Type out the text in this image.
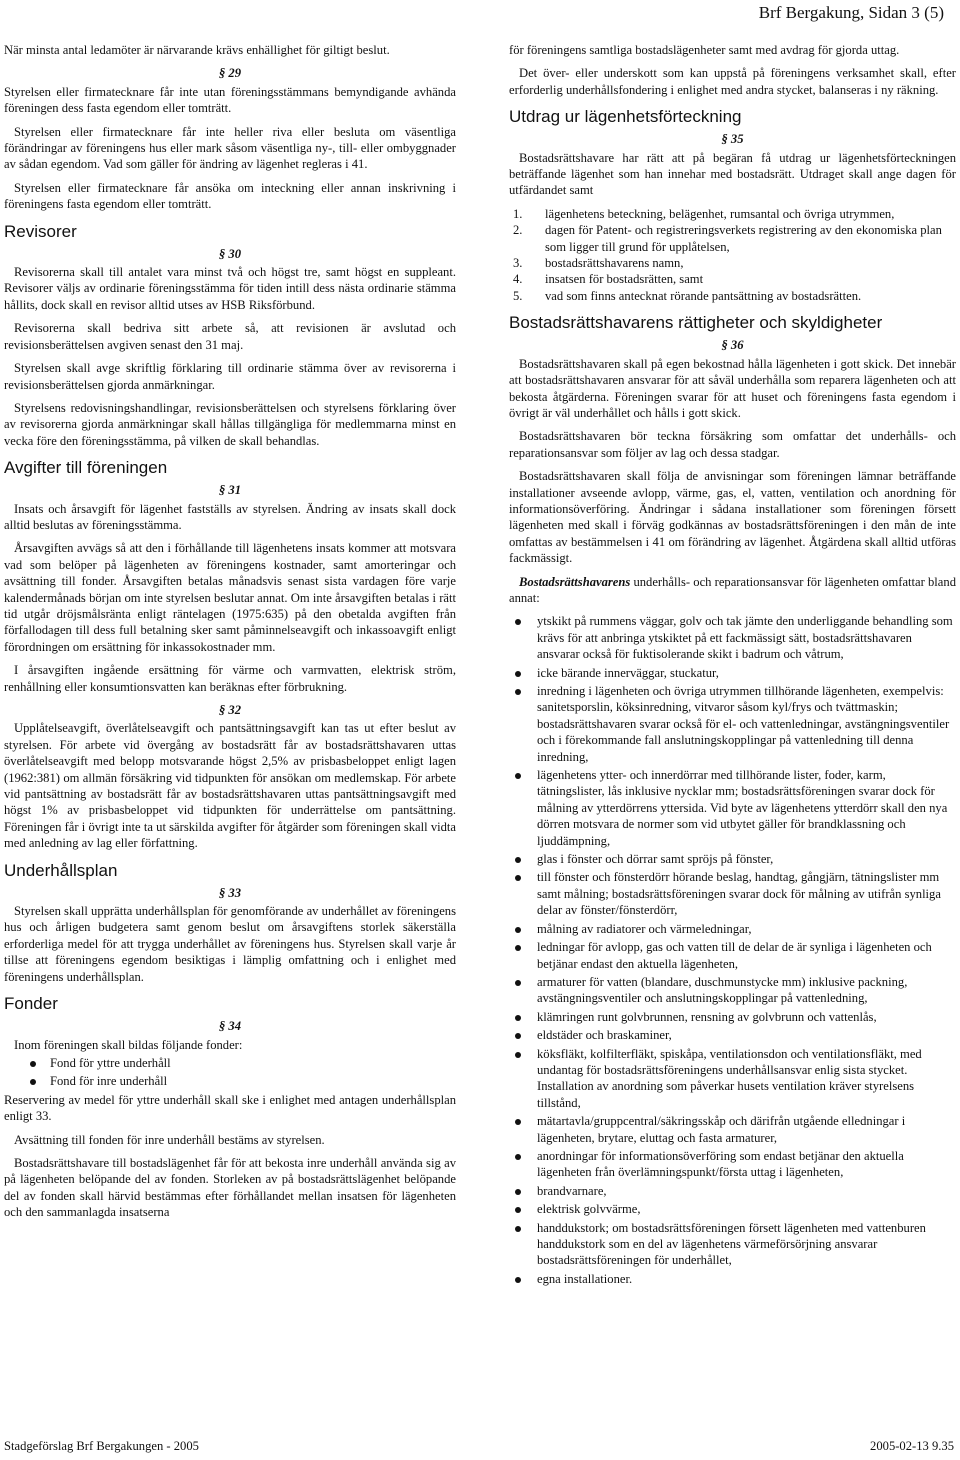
Brf Bergakung, Sidan 3 (5)

När minsta antal ledamöter är närvarande krävs enhällighet för giltigt beslut.

§ 29

Styrelsen eller firmatecknare får inte utan föreningsstämmans bemyndigande avhända föreningen dess fasta egendom eller tomträtt.

Styrelsen eller firmatecknare får inte heller riva eller besluta om väsentliga förändringar av föreningens hus eller mark såsom väsentliga ny-, till- eller ombyggnader av sådan egendom. Vad som gäller för ändring av lägenhet regleras i 41.

Styrelsen eller firmatecknare får ansöka om inteckning eller annan inskrivning i föreningens fasta egendom eller tomträtt.

Revisorer

§ 30

Revisorerna skall till antalet vara minst två och högst tre, samt högst en suppleant. Revisorer väljs av ordinarie föreningsstämma för tiden intill dess nästa ordinarie stämma hållits, dock skall en revisor alltid utses av HSB Riksförbund.

Revisorerna skall bedriva sitt arbete så, att revisionen är avslutad och revisionsberättelsen avgiven senast den 31 maj.

Styrelsen skall avge skriftlig förklaring till ordinarie stämma över av revisorerna i revisionsberättelsen gjorda anmärkningar.

Styrelsens redovisningshandlingar, revisionsberättelsen och styrelsens förklaring över av revisorerna gjorda anmärkningar skall hållas tillgängliga för medlemmarna minst en vecka före den föreningsstämma, på vilken de skall behandlas.

Avgifter till föreningen

§ 31

Insats och årsavgift för lägenhet fastställs av styrelsen. Ändring av insats skall dock alltid beslutas av föreningsstämma.

Årsavgiften avvägs så att den i förhållande till lägenhetens insats kommer att motsvara vad som belöper på lägenheten av föreningens kostnader, samt amorteringar och avsättning till fonder. Årsavgiften betalas månadsvis senast sista vardagen före varje kalendermånads början om inte styrelsen beslutar annat. Om inte årsavgiften betalas i rätt tid utgår dröjsmålsränta enligt räntelagen (1975:635) på den obetalda avgiften från förfallodagen till dess full betalning sker samt påminnelseavgift och inkassoavgift enligt förordningen om ersättning för inkassokostnader mm.

I årsavgiften ingående ersättning för värme och varmvatten, elektrisk ström, renhållning eller konsumtionsvatten kan beräknas efter förbrukning.

§ 32

Upplåtelseavgift, överlåtelseavgift och pantsättningsavgift kan tas ut efter beslut av styrelsen. För arbete vid övergång av bostadsrätt får av bostadsrättshavaren uttas överlåtelseavgift med belopp motsvarande högst 2,5% av prisbasbeloppet enligt lagen (1962:381) om allmän försäkring vid tidpunkten för ansökan om medlemskap. För arbete vid pantsättning av bostadsrätt får av bostadsrättshavaren uttas pantsättningsavgift med högst 1% av prisbasbeloppet vid tidpunkten för underrättelse om pantsättning. Föreningen får i övrigt inte ta ut särskilda avgifter för åtgärder som föreningen skall vidta med anledning av lag eller författning.

Underhållsplan

§ 33

Styrelsen skall upprätta underhållsplan för genomförande av underhållet av föreningens hus och årligen budgetera samt genom beslut om årsavgiftens storlek säkerställa erforderliga medel för att trygga underhållet av föreningens hus. Styrelsen skall varje år tillse att föreningens egendom besiktigas i lämplig omfattning och i enlighet med föreningens underhållsplan.

Fonder

§ 34

Inom föreningen skall bildas följande fonder:

Fond för yttre underhåll
Fond för inre underhåll

Reservering av medel för yttre underhåll skall ske i enlighet med antagen underhållsplan enligt 33.

Avsättning till fonden för inre underhåll bestäms av styrelsen.

Bostadsrättshavare till bostadslägenhet får för att bekosta inre underhåll använda sig av på lägenheten belöpande del av fonden. Storleken av på bostadsrättslägenhet belöpande del av fonden skall härvid bestämmas efter förhållandet mellan insatsen för lägenheten och den sammanlagda insatserna

för föreningens samtliga bostadslägenheter samt med avdrag för gjorda uttag.

Det över- eller underskott som kan uppstå på föreningens verksamhet skall, efter erforderlig underhållsfondering i enlighet med andra stycket, balanseras i ny räkning.

Utdrag ur lägenhetsförteckning

§ 35

Bostadsrättshavare har rätt att på begäran få utdrag ur lägenhetsförteckningen beträffande lägenhet som han innehar med bostadsrätt. Utdraget skall ange dagen för utfärdandet samt

1. lägenhetens beteckning, belägenhet, rumsantal och övriga utrymmen,
2. dagen för Patent- och registreringsverkets registrering av den ekonomiska plan som ligger till grund för upplåtelsen,
3. bostadsrättshavarens namn,
4. insatsen för bostadsrätten, samt
5. vad som finns antecknat rörande pantsättning av bostadsrätten.
Bostadsrättshavarens rättigheter och skyldigheter

§ 36

Bostadsrättshavaren skall på egen bekostnad hålla lägenheten i gott skick. Det innebär att bostadsrättshavaren ansvarar för att såväl underhålla som reparera lägenheten och att bekosta åtgärderna. Föreningen svarar för att huset och föreningens fasta egendom i övrigt är väl underhållet och hålls i gott skick.

Bostadsrättshavaren bör teckna försäkring som omfattar det underhålls- och reparationsansvar som följer av lag och dessa stadgar.

Bostadsrättshavaren skall följa de anvisningar som föreningen lämnar beträffande installationer avseende avlopp, värme, gas, el, vatten, ventilation och anordning för informationsöverföring. Ändringar i sådana installationer som föreningen försett lägenheten med skall i förväg godkännas av bostadsrättsföreningen i den mån de inte omfattas av bestämmelsen i 41 om förändring av lägenhet. Åtgärdena skall alltid utföras fackmässigt.

Bostadsrättshavarens underhålls- och reparationsansvar för lägenheten omfattar bland annat:

ytskikt på rummens väggar, golv och tak jämte den underliggande behandling som krävs för att anbringa ytskiktet på ett fackmässigt sätt, bostadsrättshavaren ansvarar också för fuktisolerande skikt i badrum och våtrum,
icke bärande innerväggar, stuckatur,
inredning i lägenheten och övriga utrymmen tillhörande lägenheten, exempelvis: sanitetsporslin, köksinredning, vitvaror såsom kyl/frys och tvättmaskin; bostadsrättshavaren svarar också för el- och vattenledningar, avstängningsventiler och i förekommande fall anslutningskopplingar på vattenledning till denna inredning,
lägenhetens ytter- och innerdörrar med tillhörande lister, foder, karm, tätningslister, lås inklusive nycklar mm; bostadsrättsföreningen svarar dock för målning av ytterdörrens yttersida. Vid byte av lägenhetens ytterdörr skall den nya dörren motsvara de normer som vid utbytet gäller för brandklassning och ljuddämpning,
glas i fönster och dörrar samt spröjs på fönster,
till fönster och fönsterdörr hörande beslag, handtag, gångjärn, tätningslister mm samt målning; bostadsrättsföreningen svarar dock för målning av utifrån synliga delar av fönster/fönsterdörr,
målning av radiatorer och värmeledningar,
ledningar för avlopp, gas och vatten till de delar de är synliga i lägenheten och betjänar endast den aktuella lägenheten,
armaturer för vatten (blandare, duschmunstycke mm) inklusive packning, avstängningsventiler och anslutningskopplingar på vattenledning,
klämringen runt golvbrunnen, rensning av golvbrunn och vattenlås,
eldstäder och braskaminer,
köksfläkt, kolfilterfläkt, spiskåpa, ventilationsdon och ventilationsfläkt, med undantag för bostadsrättsföreningens underhållsansvar enlig sista stycket. Installation av anordning som påverkar husets ventilation kräver styrelsens tillstånd,
mätartavla/gruppcentral/säkringsskåp och därifrån utgående elledningar i lägenheten, brytare, eluttag och fasta armaturer,
anordningar för informationsöverföring som endast betjänar den aktuella lägenheten från överlämningspunkt/första uttag i lägenheten,
brandvarnare,
elektrisk golvvärme,
handdukstork; om bostadsrättsföreningen försett lägenheten med vattenburen handdukstork som en del av lägenhetens värmeförsörjning ansvarar bostadsrättsföreningen för underhållet,
egna installationer.
Stadgeförslag Brf Bergakungen - 2005	2005-02-13 9.35
